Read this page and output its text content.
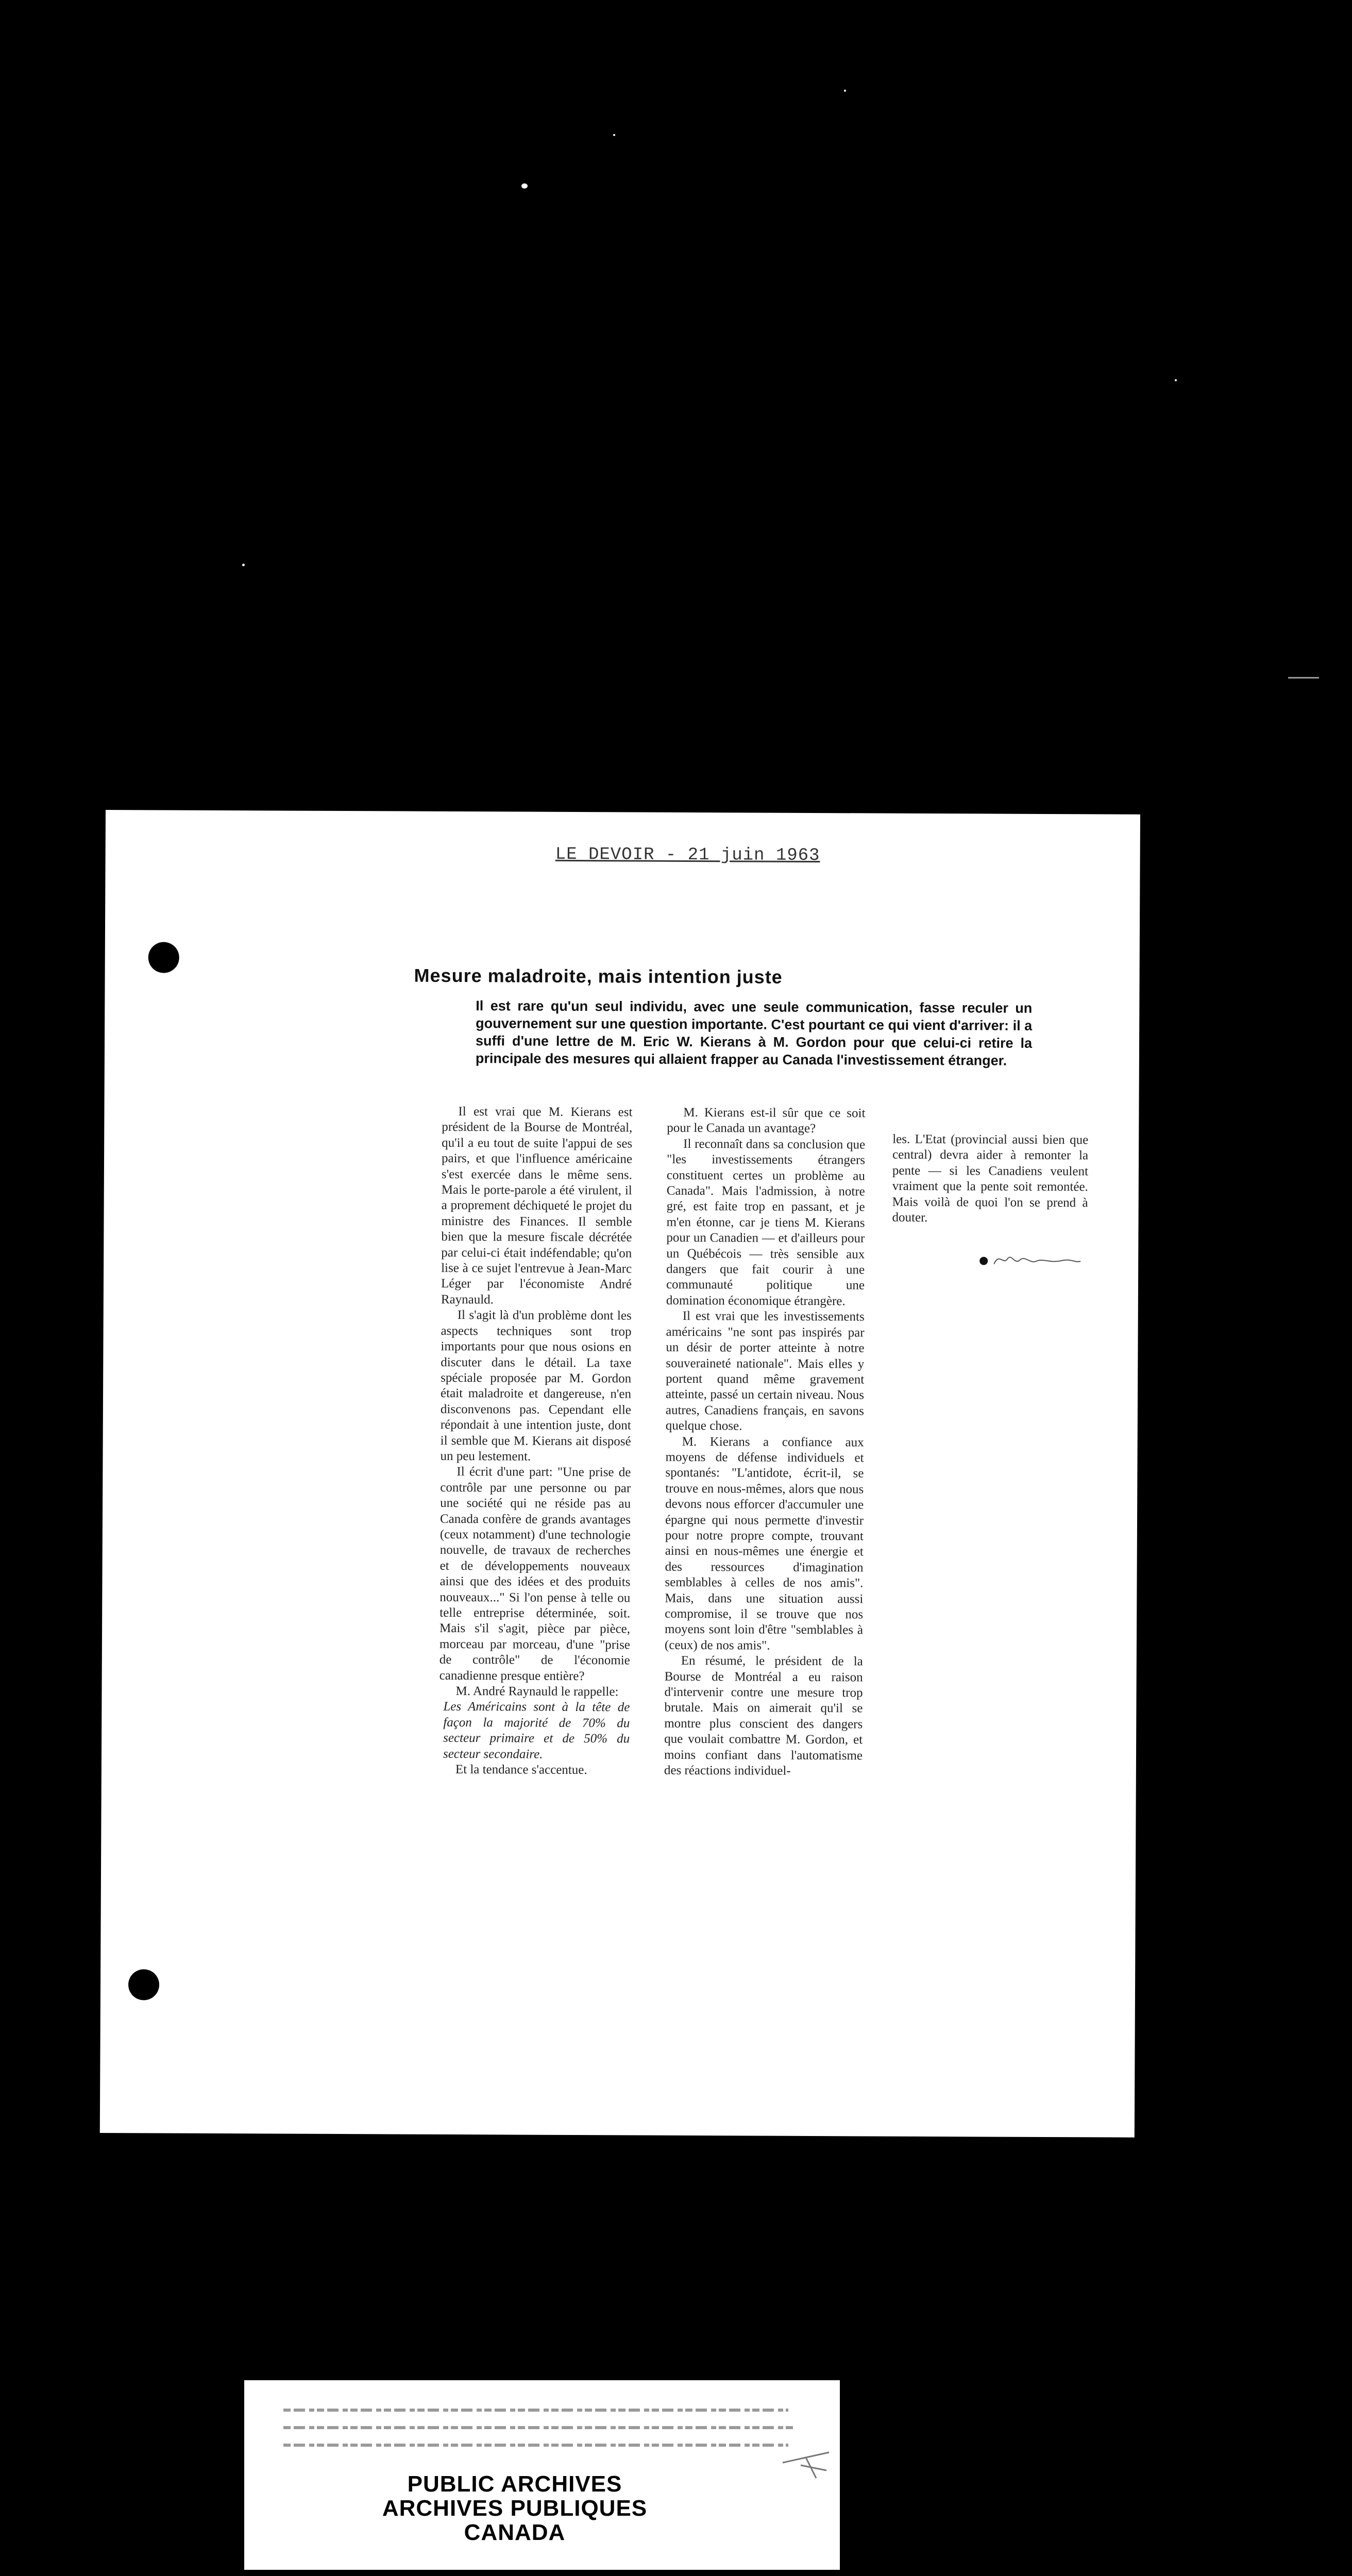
LE DEVOIR - 21 juin 1963
Mesure maladroite, mais intention juste
Il est rare qu'un seul individu, avec une seule communication, fasse reculer un gouvernement sur une question importante. C'est pourtant ce qui vient d'arriver: il a suffi d'une lettre de M. Eric W. Kierans à M. Gordon pour que celui-ci retire la principale des mesures qui allaient frapper au Canada l'investissement étranger.

Il est vrai que M. Kierans est président de la Bourse de Montréal, qu'il a eu tout de suite l'appui de ses pairs, et que l'influence américaine s'est exercée dans le même sens. Mais le porte-parole a été virulent, il a proprement déchiqueté le projet du ministre des Finances. Il semble bien que la mesure fiscale décrétée par celui-ci était indéfendable; qu'on lise à ce sujet l'entrevue à Jean-Marc Léger par l'économiste André Raynauld.

Il s'agit là d'un problème dont les aspects techniques sont trop importants pour que nous osions en discuter dans le détail. La taxe spéciale proposée par M. Gordon était maladroite et dangereuse, n'en disconvenons pas. Cependant elle répondait à une intention juste, dont il semble que M. Kierans ait disposé un peu lestement.

Il écrit d'une part: "Une prise de contrôle par une personne ou par une société qui ne réside pas au Canada confère de grands avantages (ceux notamment) d'une technologie nouvelle, de travaux de recherches et de développements nouveaux ainsi que des idées et des produits nouveaux..." Si l'on pense à telle ou telle entreprise déterminée, soit. Mais s'il s'agit, pièce par pièce, morceau par morceau, d'une "prise de contrôle" de l'économie canadienne presque entière?

M. André Raynauld le rappelle:

Les Américains sont à la tête de façon la majorité de 70% du secteur primaire et de 50% du secteur secondaire.

Et la tendance s'accentue.

M. Kierans est-il sûr que ce soit pour le Canada un avantage?

Il reconnaît dans sa conclusion que "les investissements étrangers constituent certes un problème au Canada". Mais l'admission, à notre gré, est faite trop en passant, et je m'en étonne, car je tiens M. Kierans pour un Canadien — et d'ailleurs pour un Québécois — très sensible aux dangers que fait courir à une communauté politique une domination économique étrangère.

Il est vrai que les investissements américains "ne sont pas inspirés par un désir de porter atteinte à notre souveraineté nationale". Mais elles y portent quand même gravement atteinte, passé un certain niveau. Nous autres, Canadiens français, en savons quelque chose.

M. Kierans a confiance aux moyens de défense individuels et spontanés: "L'antidote, écrit-il, se trouve en nous-mêmes, alors que nous devons nous efforcer d'accumuler une épargne qui nous permette d'investir pour notre propre compte, trouvant ainsi en nous-mêmes une énergie et des ressources d'imagination semblables à celles de nos amis". Mais, dans une situation aussi compromise, il se trouve que nos moyens sont loin d'être "semblables à (ceux) de nos amis".

En résumé, le président de la Bourse de Montréal a eu raison d'intervenir contre une mesure trop brutale. Mais on aimerait qu'il se montre plus conscient des dangers que voulait combattre M. Gordon, et moins confiant dans l'automatisme des réactions individuel-

les. L'Etat (provincial aussi bien que central) devra aider à remonter la pente — si les Canadiens veulent vraiment que la pente soit remontée. Mais voilà de quoi l'on se prend à douter.

PUBLIC ARCHIVES
ARCHIVES PUBLIQUES
CANADA
